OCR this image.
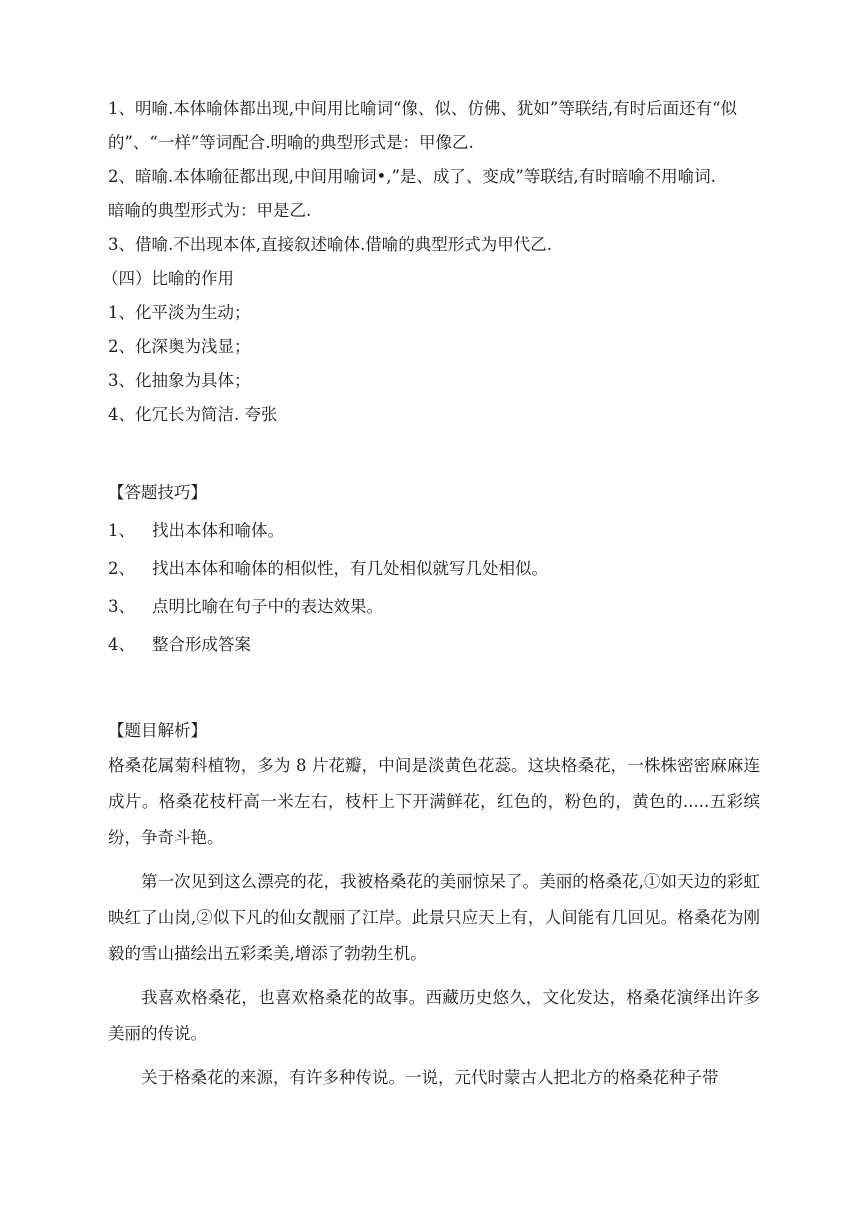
1、明喻.本体喻体都出现,中间用比喻词“像、似、仿佛、犹如”等联结,有时后面还有“似
的”、“一样”等词配合.明喻的典型形式是：甲像乙.
2、暗喻.本体喻征都出现,中间用喻词•,”是、成了、变成”等联结,有时暗喻不用喻词.
暗喻的典型形式为：甲是乙.
3、借喻.不出现本体,直接叙述喻体.借喻的典型形式为甲代乙.
（四）比喻的作用
1、化平淡为生动；
2、化深奥为浅显；
3、化抽象为具体；
4、化冗长为简洁. 夸张
【答题技巧】
1、	找出本体和喻体。
2、	找出本体和喻体的相似性，有几处相似就写几处相似。
3、	点明比喻在句子中的表达效果。
4、	整合形成答案
【题目解析】
格桑花属菊科植物，多为 8 片花瓣，中间是淡黄色花蕊。这块格桑花，一株株密密麻麻连成片。格桑花枝杆高一米左右，枝杆上下开满鲜花，红色的，粉色的，黄色的.....五彩缤纷，争奇斗艳。
第一次见到这么漂亮的花，我被格桑花的美丽惊呆了。美丽的格桑花,①如天边的彩虹映红了山岗,②似下凡的仙女靓丽了江岸。此景只应天上有，人间能有几回见。格桑花为刚毅的雪山描绘出五彩柔美,增添了勃勃生机。
我喜欢格桑花，也喜欢格桑花的故事。西藏历史悠久，文化发达，格桑花演绎出许多美丽的传说。
关于格桑花的来源，有许多种传说。一说，元代时蒙古人把北方的格桑花种子带
